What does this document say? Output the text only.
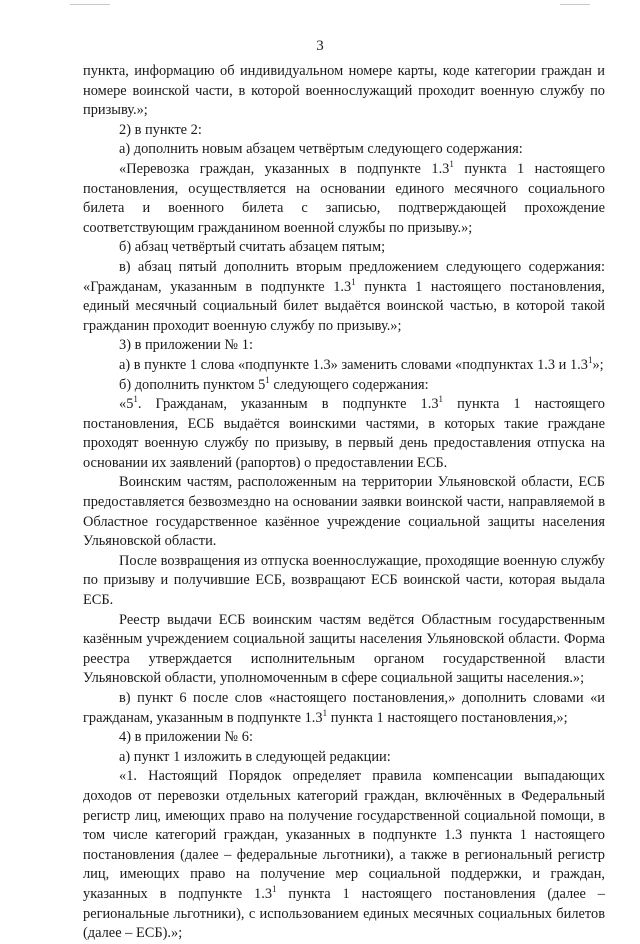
3

пункта, информацию об индивидуальном номере карты, коде категории граждан и номере воинской части, в которой военнослужащий проходит военную службу по призыву.»;

2) в пункте 2:

а) дополнить новым абзацем четвёртым следующего содержания:

«Перевозка граждан, указанных в подпункте $1.3^1$ пункта 1 настоящего постановления, осуществляется на основании единого месячного социального билета и военного билета с записью, подтверждающей прохождение соответствующим гражданином военной службы по призыву.»;

б) абзац четвёртый считать абзацем пятым;

в) абзац пятый дополнить вторым предложением следующего содержания: «Гражданам, указанным в подпункте $1.3^1$ пункта 1 настоящего постановления, единый месячный социальный билет выдаётся воинской частью, в которой такой гражданин проходит военную службу по призыву.»;

3) в приложении № 1:

а) в пункте 1 слова «подпункте 1.3» заменить словами «подпунктах 1.3 и $1.3^1$»;

б) дополнить пунктом $5^1$ следующего содержания:

«$5^1$. Гражданам, указанным в подпункте $1.3^1$ пункта 1 настоящего постановления, ЕСБ выдаётся воинскими частями, в которых такие граждане проходят военную службу по призыву, в первый день предоставления отпуска на основании их заявлений (рапортов) о предоставлении ЕСБ.

Воинским частям, расположенным на территории Ульяновской области, ЕСБ предоставляется безвозмездно на основании заявки воинской части, направляемой в Областное государственное казённое учреждение социальной защиты населения Ульяновской области.

После возвращения из отпуска военнослужащие, проходящие военную службу по призыву и получившие ЕСБ, возвращают ЕСБ воинской части, которая выдала ЕСБ.

Реестр выдачи ЕСБ воинским частям ведётся Областным государственным казённым учреждением социальной защиты населения Ульяновской области. Форма реестра утверждается исполнительным органом государственной власти Ульяновской области, уполномоченным в сфере социальной защиты населения.»;

в) пункт 6 после слов «настоящего постановления,» дополнить словами «и гражданам, указанным в подпункте $1.3^1$ пункта 1 настоящего постановления,»;

4) в приложении № 6:

а) пункт 1 изложить в следующей редакции:

«1. Настоящий Порядок определяет правила компенсации выпадающих доходов от перевозки отдельных категорий граждан, включённых в Федеральный регистр лиц, имеющих право на получение государственной социальной помощи, в том числе категорий граждан, указанных в подпункте 1.3 пункта 1 настоящего постановления (далее – федеральные льготники), а также в региональный регистр лиц, имеющих право на получение мер социальной поддержки, и граждан, указанных в подпункте $1.3^1$ пункта 1 настоящего постановления (далее – региональные льготники), с использованием единых месячных социальных билетов (далее – ЕСБ).»;
